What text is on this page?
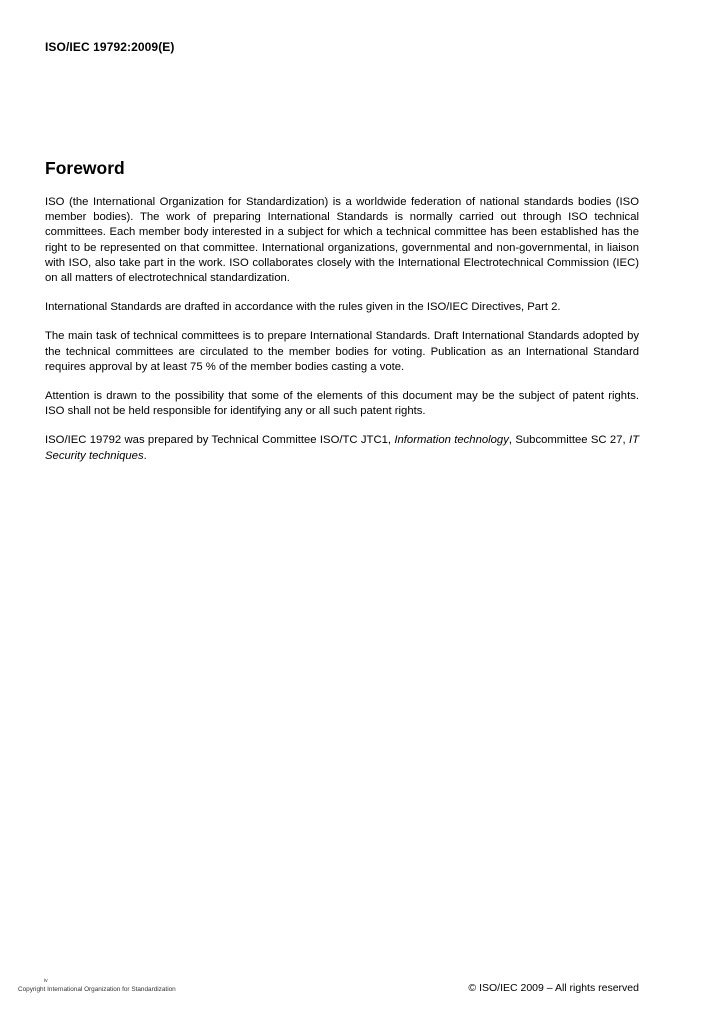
ISO/IEC 19792:2009(E)
Foreword

ISO (the International Organization for Standardization) is a worldwide federation of national standards bodies (ISO member bodies). The work of preparing International Standards is normally carried out through ISO technical committees. Each member body interested in a subject for which a technical committee has been established has the right to be represented on that committee. International organizations, governmental and non-governmental, in liaison with ISO, also take part in the work. ISO collaborates closely with the International Electrotechnical Commission (IEC) on all matters of electrotechnical standardization.

International Standards are drafted in accordance with the rules given in the ISO/IEC Directives, Part 2.

The main task of technical committees is to prepare International Standards. Draft International Standards adopted by the technical committees are circulated to the member bodies for voting. Publication as an International Standard requires approval by at least 75 % of the member bodies casting a vote.

Attention is drawn to the possibility that some of the elements of this document may be the subject of patent rights. ISO shall not be held responsible for identifying any or all such patent rights.

ISO/IEC 19792 was prepared by Technical Committee ISO/TC JTC1, Information technology, Subcommittee SC 27, IT Security techniques.

iv
Copyright International Organization for Standardization	© ISO/IEC 2009 – All rights reserved
